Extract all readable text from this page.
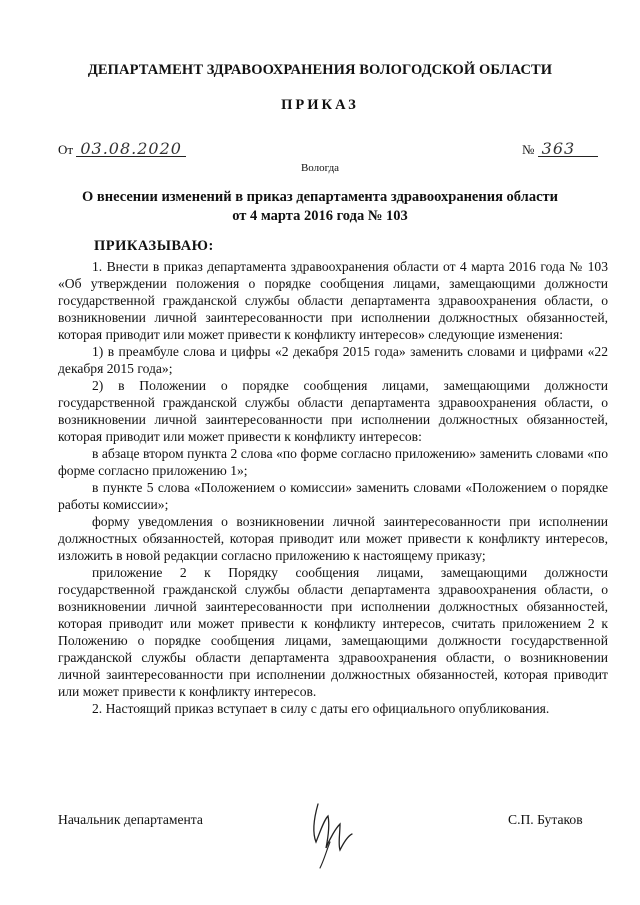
ДЕПАРТАМЕНТ ЗДРАВООХРАНЕНИЯ ВОЛОГОДСКОЙ ОБЛАСТИ
ПРИКАЗ
От 03.08.2020	№ 363
Вологда
О внесении изменений в приказ департамента здравоохранения области
от 4 марта 2016 года № 103
ПРИКАЗЫВАЮ:

1. Внести в приказ департамента здравоохранения области от 4 марта 2016 года № 103 «Об утверждении положения о порядке сообщения лицами, замещающими должности государственной гражданской службы области департамента здравоохранения области, о возникновении личной заинтересованности при исполнении должностных обязанностей, которая приводит или может привести к конфликту интересов» следующие изменения:

1) в преамбуле слова и цифры «2 декабря 2015 года» заменить словами и цифрами «22 декабря 2015 года»;

2) в Положении о порядке сообщения лицами, замещающими должности государственной гражданской службы области департамента здравоохранения области, о возникновении личной заинтересованности при исполнении должностных обязанностей, которая приводит или может привести к конфликту интересов:

в абзаце втором пункта 2 слова «по форме согласно приложению» заменить словами «по форме согласно приложению 1»;

в пункте 5 слова «Положением о комиссии» заменить словами «Положением о порядке работы комиссии»;

форму уведомления о возникновении личной заинтересованности при исполнении должностных обязанностей, которая приводит или может привести к конфликту интересов, изложить в новой редакции согласно приложению к настоящему приказу;

приложение 2 к Порядку сообщения лицами, замещающими должности государственной гражданской службы области департамента здравоохранения области, о возникновении личной заинтересованности при исполнении должностных обязанностей, которая приводит или может привести к конфликту интересов, считать приложением 2 к Положению о порядке сообщения лицами, замещающими должности государственной гражданской службы области департамента здравоохранения области, о возникновении личной заинтересованности при исполнении должностных обязанностей, которая приводит или может привести к конфликту интересов.

2. Настоящий приказ вступает в силу с даты его официального опубликования.

Начальник департамента	С.П. Бутаков
